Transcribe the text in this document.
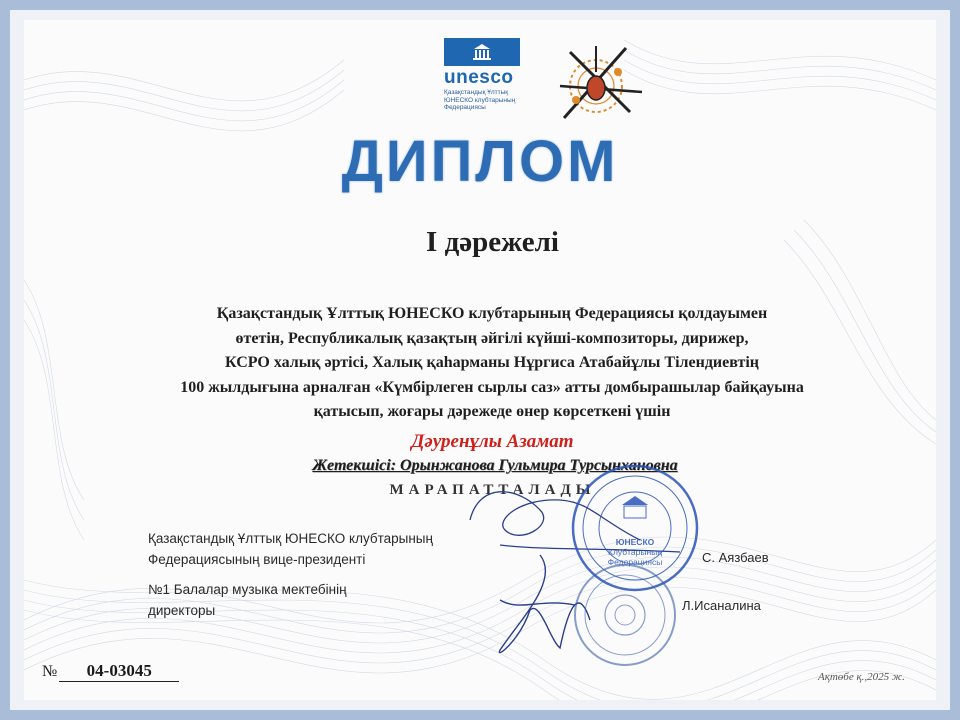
unesco
Қазақстандық Ұлттық ЮНЕСКО клубтарының Федерациясы
ДИПЛОМ
I дәрежелі
Қазақстандық Ұлттық ЮНЕСКО клубтарының Федерациясы қолдауымен
өтетін, Республикалық қазақтың әйгілі күйші-композиторы, дирижер,
КСРО халық әртісі, Халық қаһарманы Нұргиса Атабайұлы Тілендиевтің
100 жылдығына арналған «Күмбірлеген сырлы саз» атты домбырашылар байқауына
қатысып, жоғары дәрежеде өнер көрсеткені үшін
Дәуренұлы Азамат
Жетекшісі: Орынжанова Гульмира Турсынхановна
МАРАПАТТАЛАДЫ
Қазақстандық Ұлттық ЮНЕСКО клубтарының
Федерациясының вице-президенті	С. Аязбаев
№1 Балалар музыка мектебінің
директоры	Л.Исаналина
ЮНЕСКО
Клубтарының
Федерациясы
№ 04-03045	Ақтөбе қ.,2025 ж.
